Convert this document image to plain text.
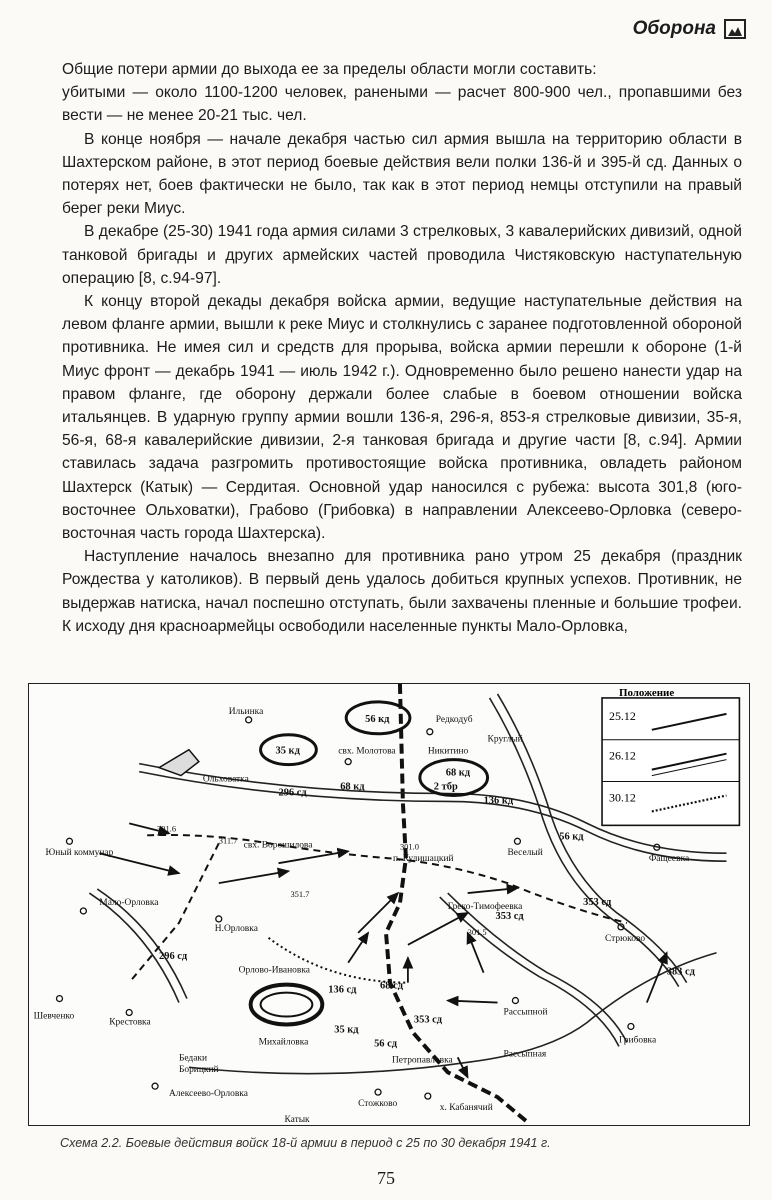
Оборона

Общие потери армии до выхода ее за пределы области могли составить:

убитыми — около 1100-1200 человек, ранеными — расчет 800-900 чел., пропавшими без вести — не менее 20-21 тыс. чел.

В конце ноября — начале декабря частью сил армия вышла на территорию области в Шахтерском районе, в этот период боевые действия вели полки 136-й и 395-й сд. Данных о потерях нет, боев фактически не было, так как в этот период немцы отступили на правый берег реки Миус.

В декабре (25-30) 1941 года армия силами 3 стрелковых, 3 кавалерийских дивизий, одной танковой бригады и других армейских частей проводила Чистяковскую наступательную операцию [8, с.94-97].

К концу второй декады декабря войска армии, ведущие наступательные действия на левом фланге армии, вышли к реке Миус и столкнулись с заранее подготовленной обороной противника. Не имея сил и средств для прорыва, войска армии перешли к обороне (1-й Миус фронт — декабрь 1941 — июль 1942 г.). Одновременно было решено нанести удар на правом фланге, где оборону держали более слабые в боевом отношении войска итальянцев. В ударную группу армии вошли 136-я, 296-я, 853-я стрелковые дивизии, 35-я, 56-я, 68-я кавалерийские дивизии, 2-я танковая бригада и другие части [8, с.94]. Армии ставилась задача разгромить противостоящие войска противника, овладеть районом Шахтерск (Катык) — Сердитая. Основной удар наносился с рубежа: высота 301,8 (юго-восточнее Ольховатки), Грабово (Грибовка) в направлении Алексеево-Орловка (северо-восточная часть города Шахтерска).

Наступление началось внезапно для противника рано утром 25 декабря (праздник Рождества у католиков). В первый день удалось добиться крупных успехов. Противник, не выдержав натиска, начал поспешно отступать, были захвачены пленные и большие трофеи. К исходу дня красноармейцы освободили населенные пункты Мало-Орловка,

Положение
25.12
26.12
30.12
Ильинка
свх. Молотова
Редкодуб
Круглый
Никитино
Ольховатка
Юный коммунар
свх. Ворошилова
п. Кулишацкий
Веселый
Фащеевка
Мало-Орловка
Н.Орловка
Греко-Тимофеевка
Стрюково
Орлово-Ивановка
Шевченко
Крестовка
Рассыпной
Грибовка
Михайловка
Петропавловка
Рассыпная
Бедаки
Борицкий
Алексеево-Орловка
Стожково	х. Кабанячий
Катык
56 кд
35 кд
68 кд
2 тбр
296 сд
68 кд
136 кд
56 кд
353 сд
353 сд
383 сд
296 сд
136 сд 68 сд
35 кд
56 сд
353 сд
301.6
311.7
301.0
351.7
301.5
Схема 2.2. Боевые действия войск 18-й армии в период с 25 по 30 декабря 1941 г.
75
